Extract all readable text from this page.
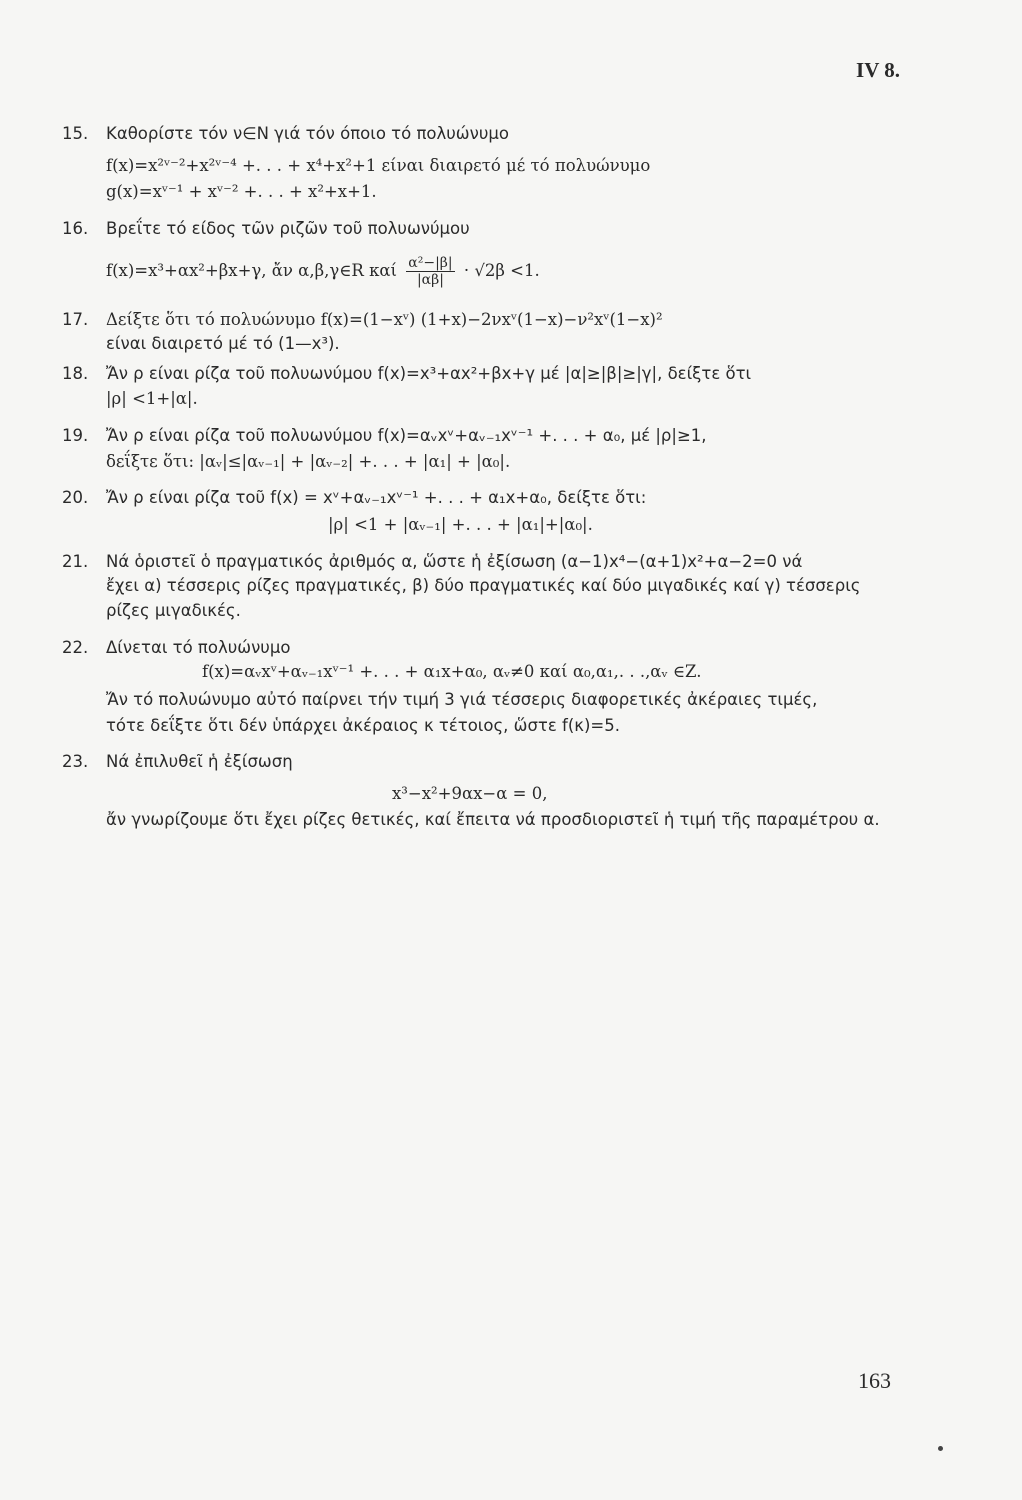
IV 8.
15. Καθορίστε τόν ν∈N γιά τόν όποιο τό πολυώνυμο
f(x)=x²ᵛ⁻²+x²ᵛ⁻⁴ +. . . + x⁴+x²+1 είναι διαιρετό μέ τό πολυώνυμο
g(x)=xᵛ⁻¹ + xᵛ⁻² +. . . + x²+x+1.
16. Βρεΐτε τό είδος τῶν ριζῶν τοῦ πολυωνύμου
f(x)=x³+αx²+βx+γ, ἄν α,β,γ∈R καί $\frac{\text{α²−|β|}}{|\alpha\beta|} \cdot √2\beta <1$.
17. Δείξτε ὅτι τό πολυώνυμο f(x)=(1−xᵛ) (1+x)−2νxᵛ(1−x)−ν²xᵛ(1−x)²
είναι διαιρετό μέ τό (1—x³).
18. Ἄν ρ είναι ρίζα τοῦ πολυωνύμου f(x)=x³+αx²+βx+γ μέ |α|≥|β|≥|γ|, δείξτε ὅτι
|ρ| <1+|α|.
19. Ἄν ρ είναι ρίζα τοῦ πολυωνύμου f(x)=αᵥxᵛ+αᵥ₋₁xᵛ⁻¹ +. . . + α₀, μέ |ρ|≥1,
δεΐξτε ὅτι: |αᵥ|≤|αᵥ₋₁| + |αᵥ₋₂| +. . . + |α₁| + |α₀|.
20. Ἄν ρ είναι ρίζα τοῦ f(x) = xᵛ+αᵥ₋₁xᵛ⁻¹ +. . . + α₁x+α₀, δείξτε ὅτι:
|ρ| <1 + |αᵥ₋₁| +. . . + |α₁|+|α₀|.
21. Νά ὁριστεῖ ὁ πραγματικός ἀριθμός α, ὥστε ἡ ἐξίσωση (α−1)x⁴−(α+1)x²+α−2=0 νά
ἔχει α) τέσσερις ρίζες πραγματικές, β) δύο πραγματικές καί δύο μιγαδικές καί γ) τέσσερις
ρίζες μιγαδικές.
22. Δίνεται τό πολυώνυμο
f(x)=αᵥxᵛ+αᵥ₋₁xᵛ⁻¹ +. . . + α₁x+α₀, αᵥ≠0 καί α₀,α₁,. . .,αᵥ ∈Z.
Ἄν τό πολυώνυμο αὐτό παίρνει τήν τιμή 3 γιά τέσσερις διαφορετικές ἀκέραιες τιμές,
τότε δεΐξτε ὅτι δέν ὑπάρχει ἀκέραιος κ τέτοιος, ὥστε f(κ)=5.
23. Νά ἐπιλυθεῖ ἡ ἐξίσωση
x³−x²+9αx−α = 0,
ἄν γνωρίζουμε ὅτι ἔχει ρίζες θετικές, καί ἔπειτα νά προσδιοριστεῖ ἡ τιμή τῆς παραμέτρου α.
163
